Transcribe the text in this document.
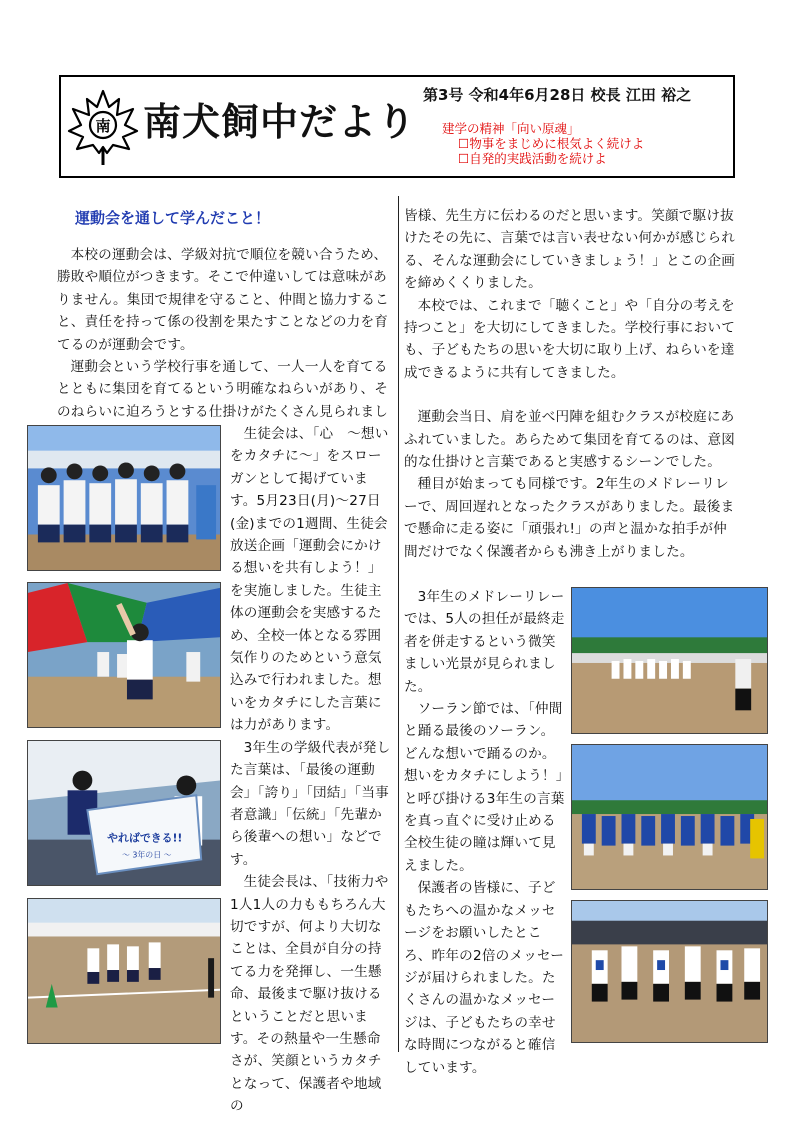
南 南犬飼中だより
第3号 令和4年6月28日 校長 江田 裕之
建学の精神「向い原魂」
☐物事をまじめに根気よく続けよ
☐自発的実践活動を続けよ
運動会を通して学んだこと！

本校の運動会は、学級対抗で順位を競い合うため、勝敗や順位がつきます。そこで仲違いしては意味がありません。集団で規律を守ること、仲間と協力すること、責任を持って係の役割を果たすことなどの力を育てるのが運動会です。

運動会という学校行事を通して、一人一人を育てるとともに集団を育てるという明確なねらいがあり、そのねらいに迫ろうとする仕掛けがたくさん見られまし

生徒会は、「心　～想いをカタチに～」をスローガンとして掲げています。5月23日(月)～27日(金)までの1週間、生徒会放送企画「運動会にかける想いを共有しよう！」を実施しました。生徒主体の運動会を実感するため、全校一体となる雰囲気作りのためという意気込みで行われました。想いをカタチにした言葉には力があります。

3年生の学級代表が発した言葉は、「最後の運動会」「誇り」「団結」「当事者意識」「伝統」「先輩から後輩への想い」などです。

生徒会長は、「技術力や1人1人の力ももちろん大切ですが、何より大切なことは、全員が自分の持てる力を発揮し、一生懸命、最後まで駆け抜けるということだと思います。その熱量や一生懸命さが、笑顔というカタチとなって、保護者や地域の

皆様、先生方に伝わるのだと思います。笑顔で駆け抜けたその先に、言葉では言い表せない何かが感じられる、そんな運動会にしていきましょう！」とこの企画を締めくくりました。

本校では、これまで「聴くこと」や「自分の考えを持つこと」を大切にしてきました。学校行事においても、子どもたちの思いを大切に取り上げ、ねらいを達成できるように共有してきました。

運動会当日、肩を並べ円陣を組むクラスが校庭にあふれていました。あらためて集団を育てるのは、意図的な仕掛けと言葉であると実感するシーンでした。

種目が始まっても同様です。2年生のメドレーリレーで、周回遅れとなったクラスがありました。最後まで懸命に走る姿に「頑張れ!」の声と温かな拍手が仲間だけでなく保護者からも沸き上がりました。

3年生のメドレーリレーでは、5人の担任が最終走者を併走するという微笑ましい光景が見られました。

ソーラン節では、「仲間と踊る最後のソーラン。どんな想いで踊るのか。想いをカタチにしよう！」と呼び掛ける3年生の言葉を真っ直ぐに受け止める全校生徒の瞳は輝いて見えました。

保護者の皆様に、子どもたちへの温かなメッセージをお願いしたところ、昨年の2倍のメッセージが届けられました。たくさんの温かなメッセージは、子どもたちの幸せな時間につながると確信しています。

やればできる!!
～ 3年の日 ～
